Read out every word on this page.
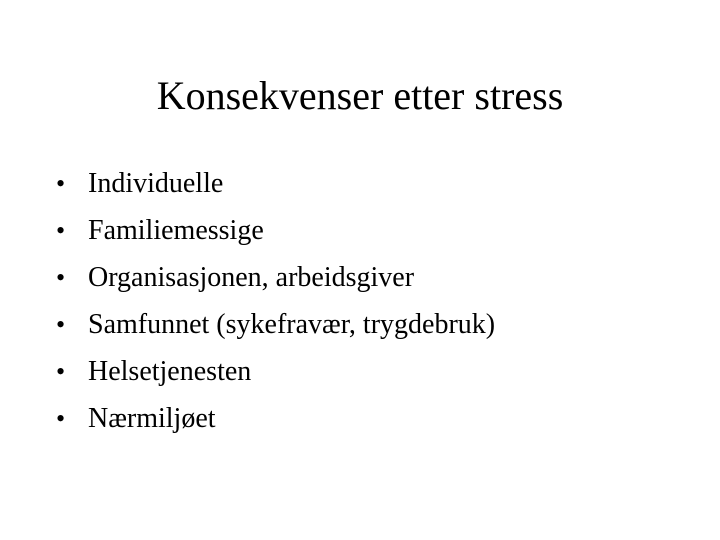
Konsekvenser etter stress
• Individuelle
• Familiemessige
• Organisasjonen, arbeidsgiver
• Samfunnet (sykefravær, trygdebruk)
• Helsetjenesten
• Nærmiljøet
